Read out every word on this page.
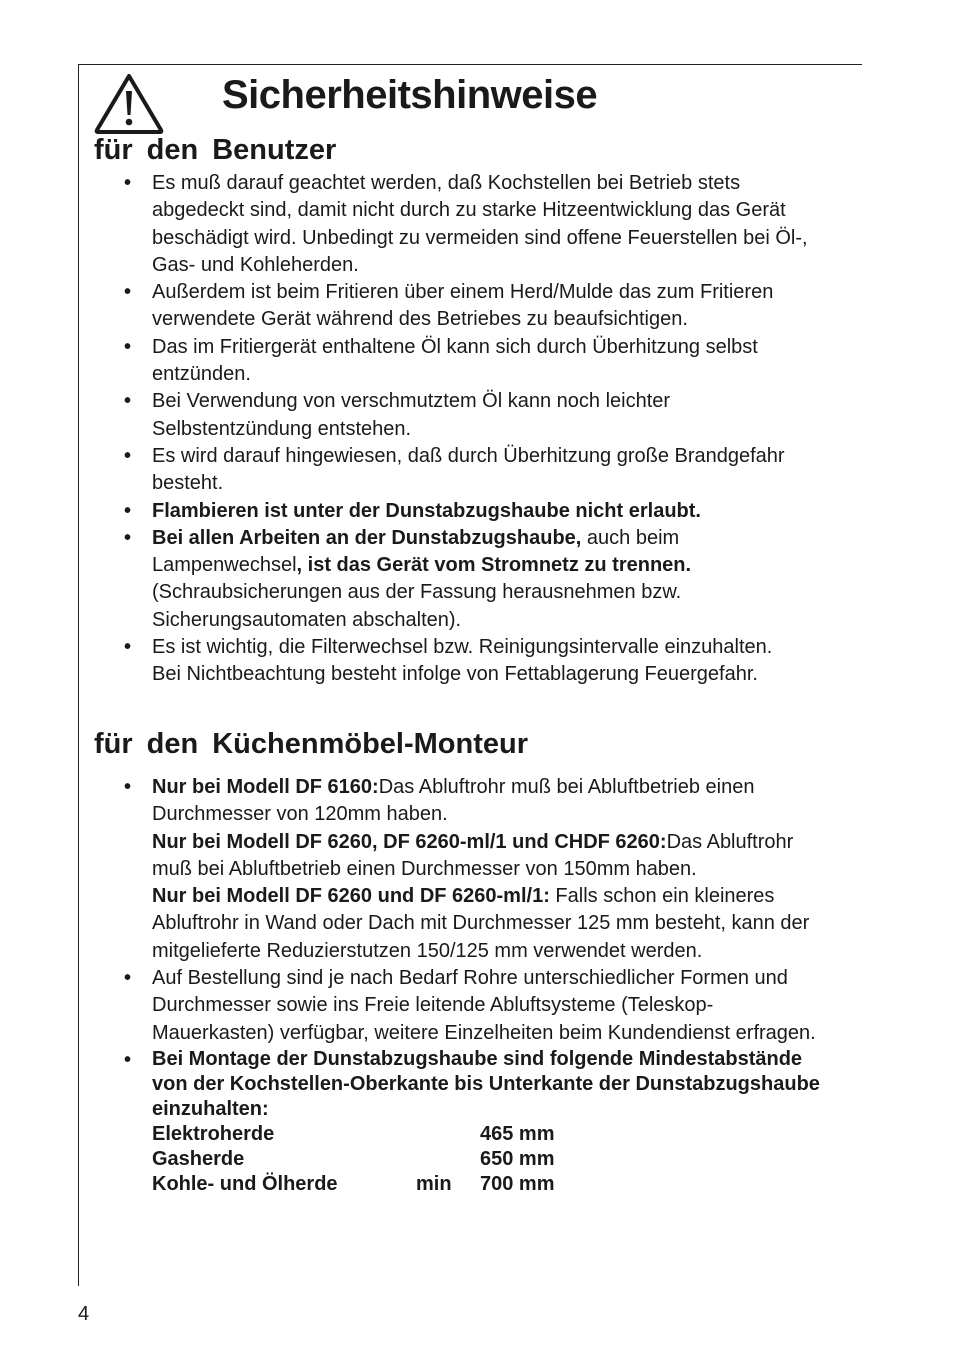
Sicherheitshinweise
für den Benutzer
• Es muß darauf geachtet werden, daß Kochstellen bei Betrieb stets abgedeckt sind, damit nicht durch zu starke Hitzeentwicklung das Gerät beschädigt wird. Unbedingt zu vermeiden sind offene Feuerstellen bei Öl-, Gas- und Kohleherden.
• Außerdem ist beim Fritieren über einem Herd/Mulde das zum Fritieren verwendete Gerät während des Betriebes zu beaufsichtigen.
• Das im Fritiergerät enthaltene Öl kann sich durch Überhitzung selbst entzünden.
• Bei Verwendung von verschmutztem Öl kann noch leichter Selbstentzündung entstehen.
• Es wird darauf hingewiesen, daß durch Überhitzung große Brandgefahr besteht.
• Flambieren ist unter der Dunstabzugshaube nicht erlaubt.
• Bei allen Arbeiten an der Dunstabzugshaube, auch beim Lampenwechsel, ist das Gerät vom Stromnetz zu trennen.
(Schraubsicherungen aus der Fassung herausnehmen bzw. Sicherungsautomaten abschalten).
• Es ist wichtig, die Filterwechsel bzw. Reinigungsintervalle einzuhalten.
Bei Nichtbeachtung besteht infolge von Fettablagerung Feuergefahr.
für den Küchenmöbel-Monteur
• Nur bei Modell DF 6160:Das Abluftrohr muß bei Abluftbetrieb einen Durchmesser von 120mm haben.
Nur bei Modell DF 6260, DF 6260-ml/1 und CHDF 6260:Das Abluftrohr muß bei Abluftbetrieb einen Durchmesser von 150mm haben.
Nur bei Modell DF 6260 und DF 6260-ml/1: Falls schon ein kleineres Abluftrohr in Wand oder Dach mit Durchmesser 125 mm besteht, kann der mitgelieferte Reduzierstutzen 150/125 mm verwendet werden.
• Auf Bestellung sind je nach Bedarf Rohre unterschiedlicher Formen und Durchmesser sowie ins Freie leitende Abluftsysteme (Teleskop-Mauerkasten) verfügbar, weitere Einzelheiten beim Kundendienst erfragen.
• Bei Montage der Dunstabzugshaube sind folgende Mindestabstände von der Kochstellen-Oberkante bis Unterkante der Dunstabzugshaube einzuhalten:
Elektroherde		465 mm
Gasherde		650 mm
Kohle- und Ölherde	min	700 mm
4
